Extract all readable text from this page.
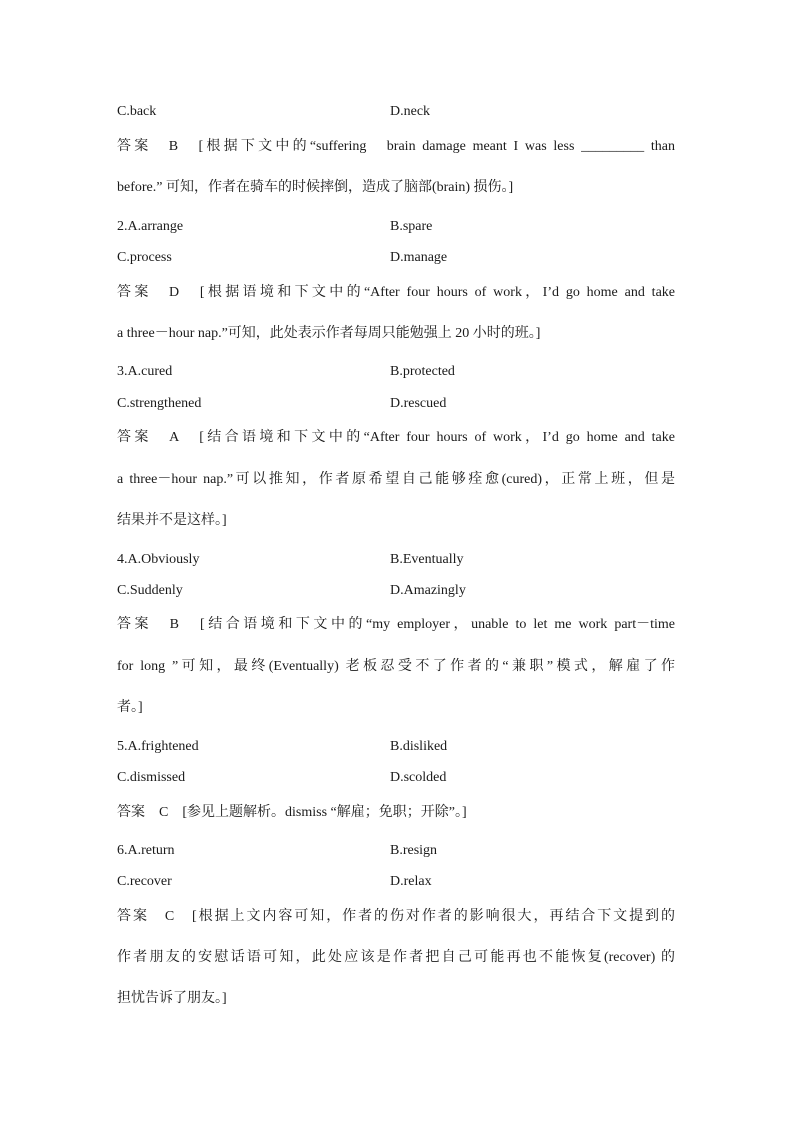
C.back	D.neck
答案　B　[根据下文中的“suffering　brain damage meant I was less _________ than
before.” 可知，作者在骑车的时候摔倒，造成了脑部(brain) 损伤。]
2.A.arrange	B.spare
C.process	D.manage
答案　D　[根据语境和下文中的“After four hours of work，I’d go home and take
a three－hour nap.”可知，此处表示作者每周只能勉强上 20 小时的班。]
3.A.cured	B.protected
C.strengthened	D.rescued
答案　A　[结合语境和下文中的“After four hours of work，I’d go home and take
a three－hour nap.”可以推知，作者原希望自己能够痊愈(cured)，正常上班，但是
结果并不是这样。]
4.A.Obviously	B.Eventually
C.Suddenly	D.Amazingly
答案　B　[结合语境和下文中的“my employer，unable to let me work part－time
for long ”可知，最终(Eventually) 老板忍受不了作者的“兼职”模式，解雇了作
者。]
5.A.frightened	B.disliked
C.dismissed	D.scolded
答案　C　[参见上题解析。dismiss “解雇；免职；开除”。]
6.A.return	B.resign
C.recover	D.relax
答案　C　[根据上文内容可知，作者的伤对作者的影响很大，再结合下文提到的
作者朋友的安慰话语可知，此处应该是作者把自己可能再也不能恢复(recover) 的
担忧告诉了朋友。]
